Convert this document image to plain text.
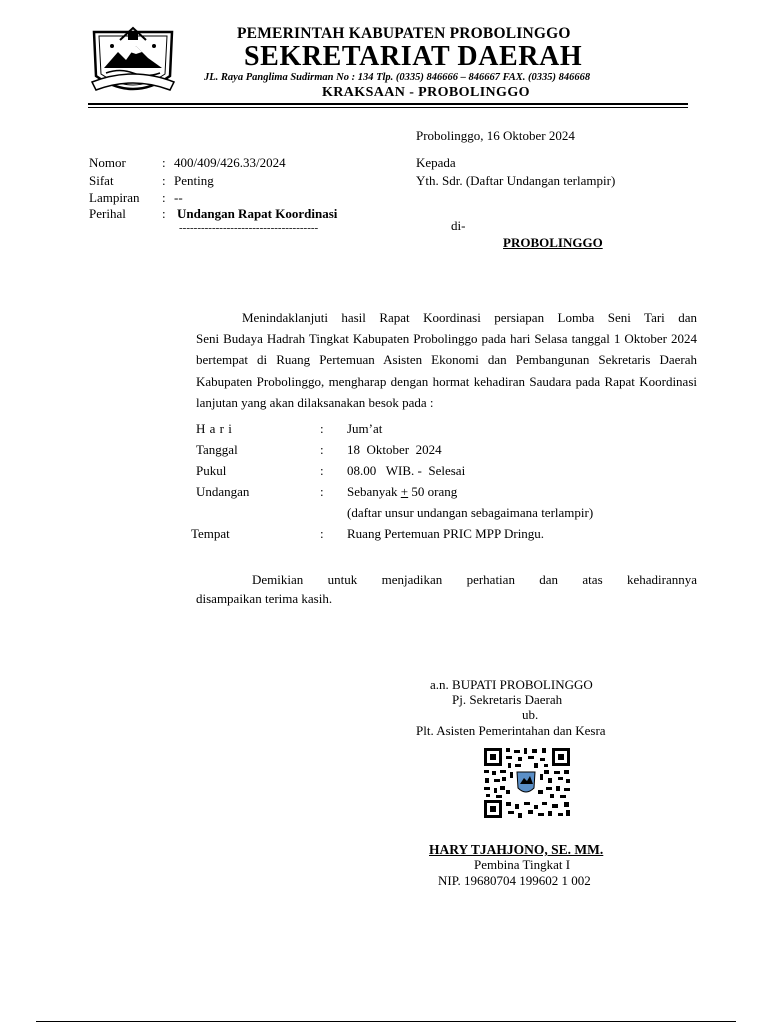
PEMERINTAH KABUPATEN PROBOLINGGO
SEKRETARIAT DAERAH
JL. Raya Panglima Sudirman No : 134 Tlp. (0335) 846666 – 846667 FAX. (0335) 846668
KRAKSAAN - PROBOLINGGO
Probolinggo, 16 Oktober 2024
Nomor	: 400/409/426.33/2024
Sifat	: Penting
Lampiran : --
Perihal	: Undangan Rapat Koordinasi
--------------------------------------
Kepada
Yth. Sdr. (Daftar Undangan terlampir)
di-
PROBOLINGGO
Menindaklanjuti hasil Rapat Koordinasi persiapan Lomba Seni Tari dan
Seni Budaya Hadrah Tingkat Kabupaten Probolinggo pada hari Selasa tanggal 1 Oktober 2024 bertempat di Ruang Pertemuan Asisten Ekonomi dan Pembangunan Sekretaris Daerah Kabupaten Probolinggo, mengharap dengan hormat kehadiran Saudara pada Rapat Koordinasi lanjutan yang akan dilaksanakan besok pada :
H a r i	: Jum’at
Tanggal	: 18  Oktober  2024
Pukul	: 08.00   WIB. -  Selesai
Undangan	: Sebanyak + 50 orang
(daftar unsur undangan sebagaimana terlampir)
Tempat	: Ruang Pertemuan PRIC MPP Dringu.
Demikian untuk menjadikan perhatian dan atas kehadirannya
disampaikan terima kasih.
a.n. BUPATI PROBOLINGGO
Pj. Sekretaris Daerah
ub.
Plt. Asisten Pemerintahan dan Kesra
HARY TJAHJONO, SE. MM.
Pembina Tingkat I
NIP. 19680704 199602 1 002
